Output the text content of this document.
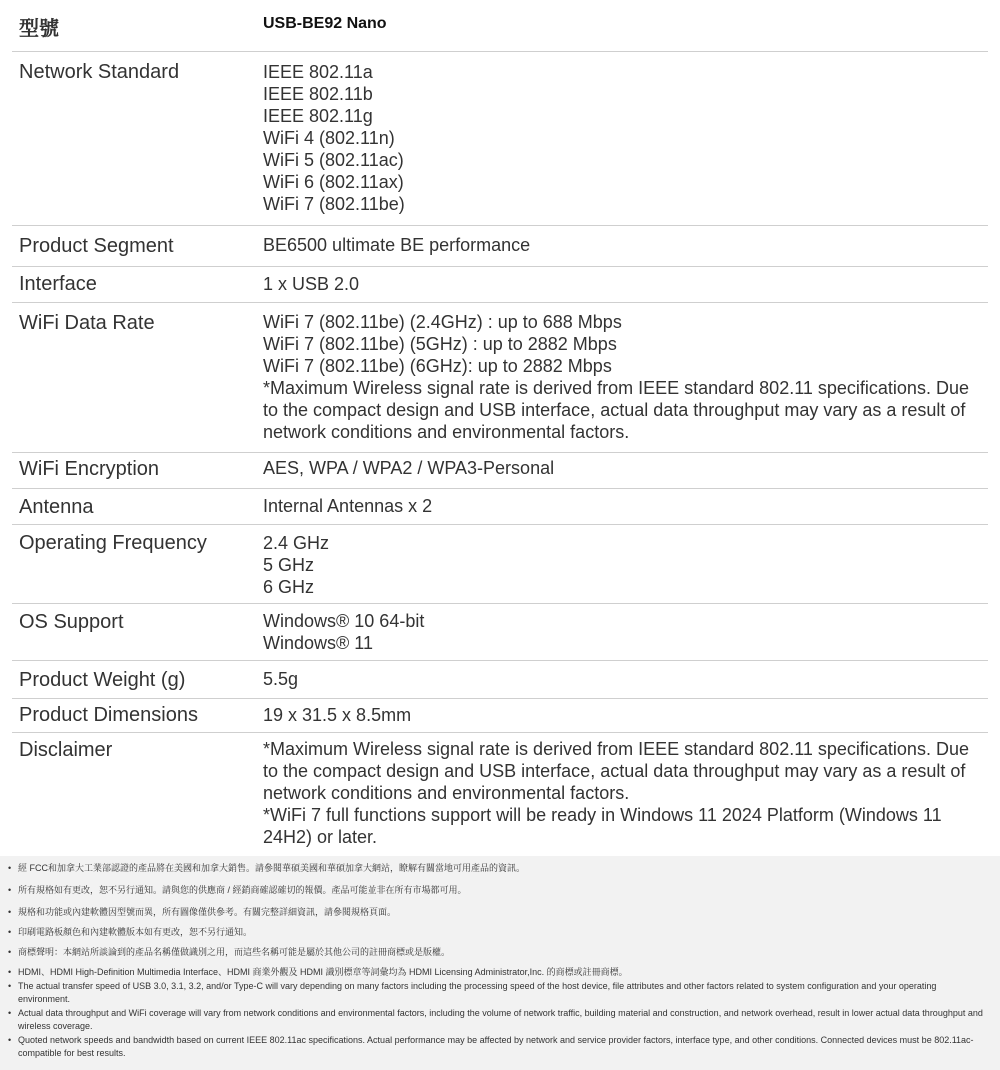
型號	USB-BE92 Nano
Network Standard	IEEE 802.11a
IEEE 802.11b
IEEE 802.11g
WiFi 4 (802.11n)
WiFi 5 (802.11ac)
WiFi 6 (802.11ax)
WiFi 7 (802.11be)
Product Segment	BE6500 ultimate BE performance
Interface	1 x USB 2.0
WiFi Data Rate	WiFi 7 (802.11be) (2.4GHz) : up to 688 Mbps
WiFi 7 (802.11be) (5GHz) : up to 2882 Mbps
WiFi 7 (802.11be) (6GHz): up to 2882 Mbps
*Maximum Wireless signal rate is derived from IEEE standard 802.11 specifications. Due to the compact design and USB interface, actual data throughput may vary as a result of network conditions and environmental factors.
WiFi Encryption	AES, WPA / WPA2 / WPA3-Personal
Antenna	Internal Antennas x 2
Operating Frequency	2.4 GHz
5 GHz
6 GHz
OS Support	Windows® 10 64-bit
Windows® 11
Product Weight (g)	5.5g
Product Dimensions	19 x 31.5 x 8.5mm
Disclaimer	*Maximum Wireless signal rate is derived from IEEE standard 802.11 specifications. Due to the compact design and USB interface, actual data throughput may vary as a result of network conditions and environmental factors.
*WiFi 7 full functions support will be ready in Windows 11 2024 Platform (Windows 11 24H2) or later.
• 經 FCC和加拿大工業部認證的產品將在美國和加拿大銷售。請參閱華碩美國和華碩加拿大網站，瞭解有關當地可用產品的資訊。
• 所有規格如有更改，恕不另行通知。請與您的供應商 / 經銷商確認確切的報價。產品可能並非在所有市場都可用。
• 規格和功能或內建軟體因型號而異，所有圖像僅供參考。有關完整詳細資訊，請參閱規格頁面。
• 印刷電路板顏色和內建軟體版本如有更改，恕不另行通知。
• 商標聲明：本網站所談論到的產品名稱僅做識別之用，而這些名稱可能是屬於其他公司的註冊商標或是版權。
• HDMI、HDMI High-Definition Multimedia Interface、HDMI 商業外觀及 HDMI 識別標章等詞彙均為 HDMI Licensing Administrator,Inc. 的商標或註冊商標。
• The actual transfer speed of USB 3.0, 3.1, 3.2, and/or Type-C will vary depending on many factors including the processing speed of the host device, file attributes and other factors related to system configuration and your operating environment.
• Actual data throughput and WiFi coverage will vary from network conditions and environmental factors, including the volume of network traffic, building material and construction, and network overhead, result in lower actual data throughput and wireless coverage.
• Quoted network speeds and bandwidth based on current IEEE 802.11ac specifications. Actual performance may be affected by network and service provider factors, interface type, and other conditions. Connected devices must be 802.11ac-compatible for best results.
